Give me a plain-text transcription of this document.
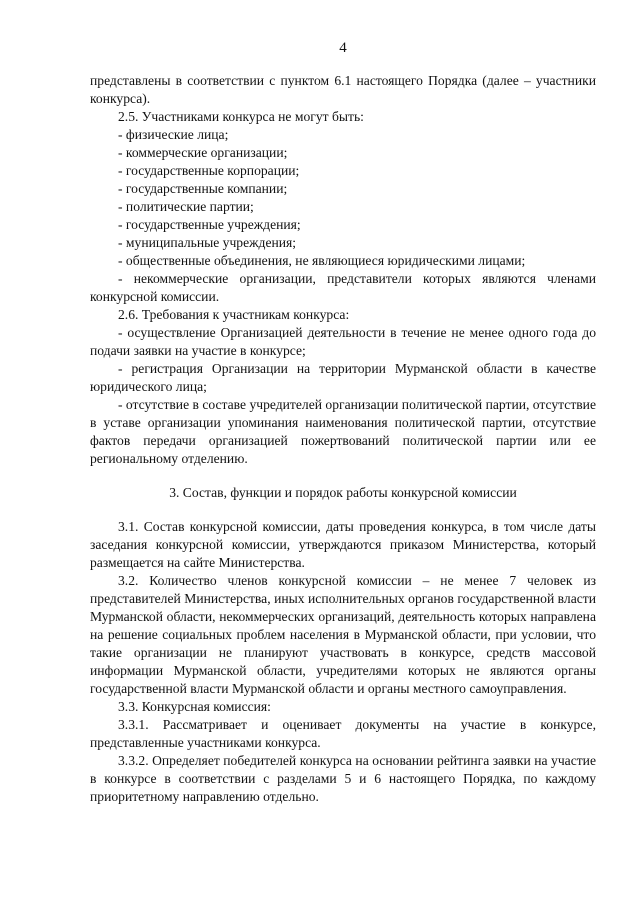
4

представлены в соответствии с пунктом 6.1 настоящего Порядка (далее – участники конкурса).

2.5. Участниками конкурса не могут быть:

- физические лица;

- коммерческие организации;

- государственные корпорации;

- государственные компании;

- политические партии;

- государственные учреждения;

- муниципальные учреждения;

- общественные объединения, не являющиеся юридическими лицами;

- некоммерческие организации, представители которых являются членами конкурсной комиссии.

2.6. Требования к участникам конкурса:

- осуществление Организацией деятельности в течение не менее одного года до подачи заявки на участие в конкурсе;

- регистрация Организации на территории Мурманской области в качестве юридического лица;

- отсутствие в составе учредителей организации политической партии, отсутствие в уставе организации упоминания наименования политической партии, отсутствие фактов передачи организацией пожертвований политической партии или ее региональному отделению.

3. Состав, функции и порядок работы конкурсной комиссии

3.1. Состав конкурсной комиссии, даты проведения конкурса, в том числе даты заседания конкурсной комиссии, утверждаются приказом Министерства, который размещается на сайте Министерства.

3.2. Количество членов конкурсной комиссии – не менее 7 человек из представителей Министерства, иных исполнительных органов государственной власти Мурманской области, некоммерческих организаций, деятельность которых направлена на решение социальных проблем населения в Мурманской области, при условии, что такие организации не планируют участвовать в конкурсе, средств массовой информации Мурманской области, учредителями которых не являются органы государственной власти Мурманской области и органы местного самоуправления.

3.3. Конкурсная комиссия:

3.3.1. Рассматривает и оценивает документы на участие в конкурсе, представленные участниками конкурса.

3.3.2. Определяет победителей конкурса на основании рейтинга заявки на участие в конкурсе в соответствии с разделами 5 и 6 настоящего Порядка, по каждому приоритетному направлению отдельно.
